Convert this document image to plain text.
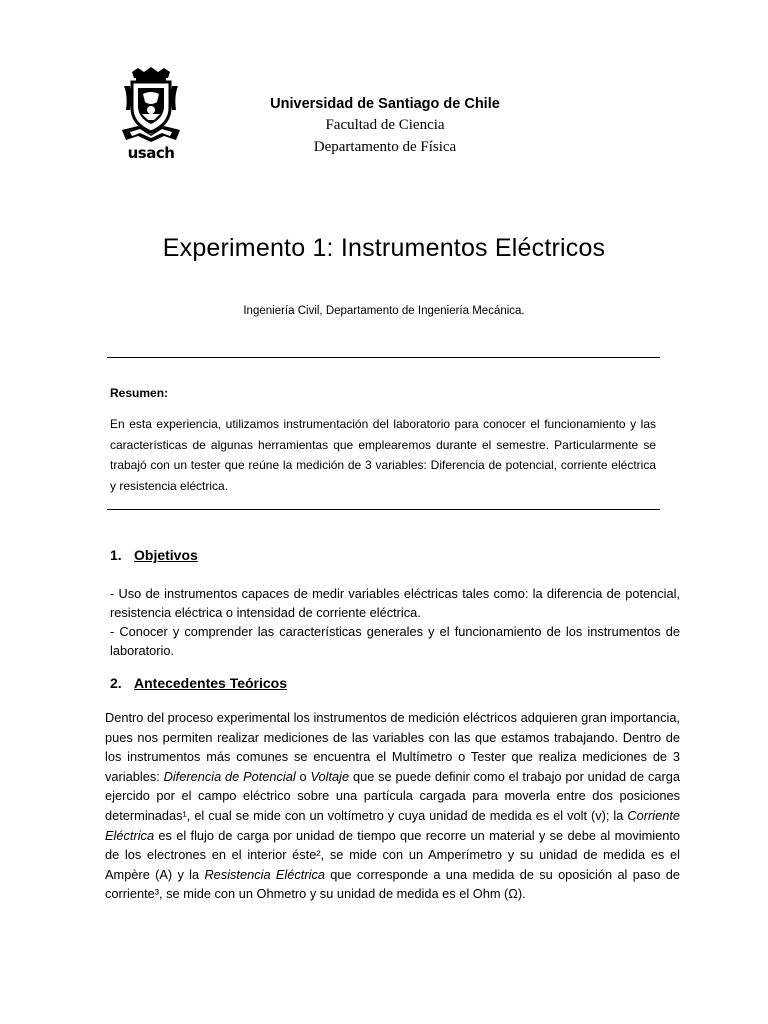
usach
Universidad de Santiago de Chile
Facultad de Ciencia
Departamento de Física
Experimento 1: Instrumentos Eléctricos
Ingeniería Civil, Departamento de Ingeniería Mecánica.
Resumen:
En esta experiencia, utilizamos instrumentación del laboratorio para conocer el funcionamiento y las características de algunas herramientas que emplearemos durante el semestre. Particularmente se trabajó con un tester que reúne la medición de 3 variables: Diferencia de potencial, corriente eléctrica y resistencia eléctrica.
1. Objetivos
- Uso de instrumentos capaces de medir variables eléctricas tales como: la diferencia de potencial, resistencia eléctrica o intensidad de corriente eléctrica.
- Conocer y comprender las características generales y el funcionamiento de los instrumentos de laboratorio.
2. Antecedentes Teóricos
Dentro del proceso experimental los instrumentos de medición eléctricos adquieren gran importancia, pues nos permiten realizar mediciones de las variables con las que estamos trabajando. Dentro de los instrumentos más comunes se encuentra el Multímetro o Tester que realiza mediciones de 3 variables: Diferencia de Potencial o Voltaje que se puede definir como el trabajo por unidad de carga ejercido por el campo eléctrico sobre una partícula cargada para moverla entre dos posiciones determinadas¹, el cual se mide con un voltímetro y cuya unidad de medida es el volt (v); la Corriente Eléctrica es el flujo de carga por unidad de tiempo que recorre un material y se debe al movimiento de los electrones en el interior éste², se mide con un Amperímetro y su unidad de medida es el Ampère (A) y la Resistencia Eléctrica que corresponde a una medida de su oposición al paso de corriente³, se mide con un Ohmetro y su unidad de medida es el Ohm (Ω).
